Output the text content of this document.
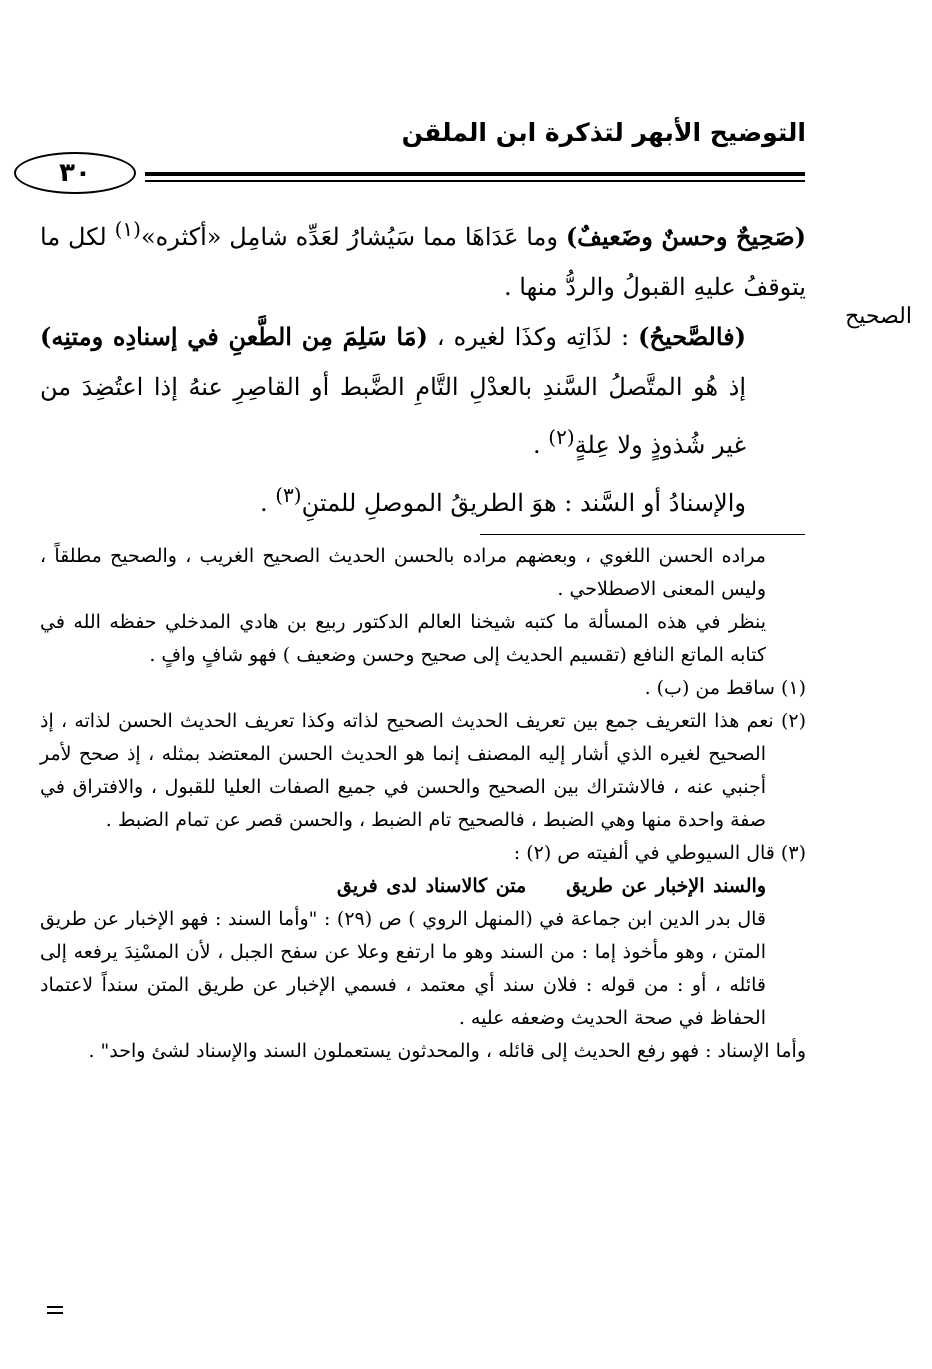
التوضيح الأبهر لتذكرة ابن الملقن
٣٠
الصحيح

(صَحِيحٌ وحسنٌ وضَعيفٌ) وما عَدَاهَا مما سَيُشارُ لعَدِّه شامِل «أكثره»$^{(١)}$ لكل ما يتوقفُ عليهِ القبولُ والردُّ منها .

(فالصَّحيحُ) : لذَاتِه وكذَا لغيره ، (مَا سَلِمَ مِن الطَّعنِ في إسنادِه ومتنِه) إذ هُو المتَّصلُ السَّندِ بالعدْلِ التَّامِ الضَّبط أو القاصِرِ عنهُ إذا اعتُضِدَ من غير شُذوذٍ ولا عِلةٍ$^{(٢)}$ .

والإسنادُ أو السَّند : هوَ الطريقُ الموصلِ للمتنِ$^{(٣)}$ .

مراده الحسن اللغوي ، وبعضهم مراده بالحسن الحديث الصحيح الغريب ، والصحيح مطلقاً ، وليس المعنى الاصطلاحي .

ينظر في هذه المسألة ما كتبه شيخنا العالم الدكتور ربيع بن هادي المدخلي حفظه الله في كتابه الماتع النافع (تقسيم الحديث إلى صحيح وحسن وضعيف ) فهو شافٍ وافٍ .

(١) ساقط من (ب) .

(٢) نعم هذا التعريف جمع بين تعريف الحديث الصحيح لذاته وكذا تعريف الحديث الحسن لذاته ، إذ الصحيح لغيره الذي أشار إليه المصنف إنما هو الحديث الحسن المعتضد بمثله ، إذ صحح لأمر أجنبي عنه ، فالاشتراك بين الصحيح والحسن في جميع الصفات العليا للقبول ، والافتراق في صفة واحدة منها وهي الضبط ، فالصحيح تام الضبط ، والحسن قصر عن تمام الضبط .

(٣) قال السيوطي في ألفيته ص (٢) :

والسند الإخبار عن طريقمتن كالاسناد لدى فريق

قال بدر الدين ابن جماعة في (المنهل الروي ) ص (٢٩) : "وأما السند : فهو الإخبار عن طريق المتن ، وهو مأخوذ إما : من السند وهو ما ارتفع وعلا عن سفح الجبل ، لأن المسْنِدَ يرفعه إلى قائله ، أو : من قوله : فلان سند أي معتمد ، فسمي الإخبار عن طريق المتن سنداً لاعتماد الحفاظ في صحة الحديث وضعفه عليه .

وأما الإسناد : فهو رفع الحديث إلى قائله ، والمحدثون يستعملون السند والإسناد لشئ واحد" .
